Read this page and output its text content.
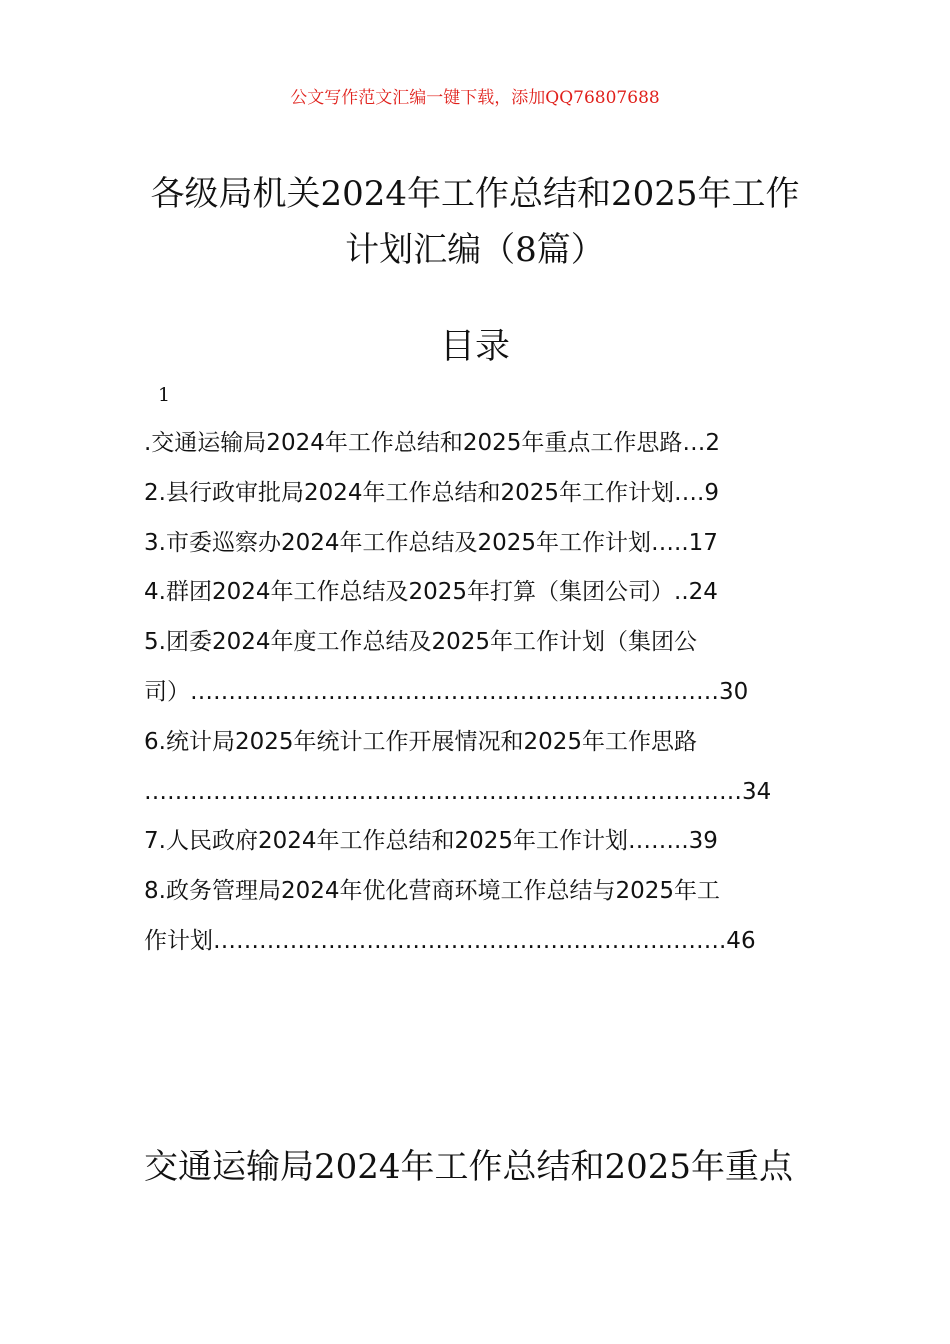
公文写作范文汇编一键下载，添加QQ76807688

各级局机关2024年工作总结和2025年工作
计划汇编（8篇）
目录
1
.交通运输局2024年工作总结和2025年重点工作思路…2
2.县行政审批局2024年工作总结和2025年工作计划….9
3.市委巡察办2024年工作总结及2025年工作计划…..17
4.群团2024年工作总结及2025年打算（集团公司）..24
5.团委2024年度工作总结及2025年工作计划（集团公
司）……………………………………………………………30
6.统计局2025年统计工作开展情况和2025年工作思路
……………………………………………………………………34
7.人民政府2024年工作总结和2025年工作计划……..39
8.政务管理局2024年优化营商环境工作总结与2025年工
作计划………………………………………………………….46
交通运输局2024年工作总结和2025年重点
